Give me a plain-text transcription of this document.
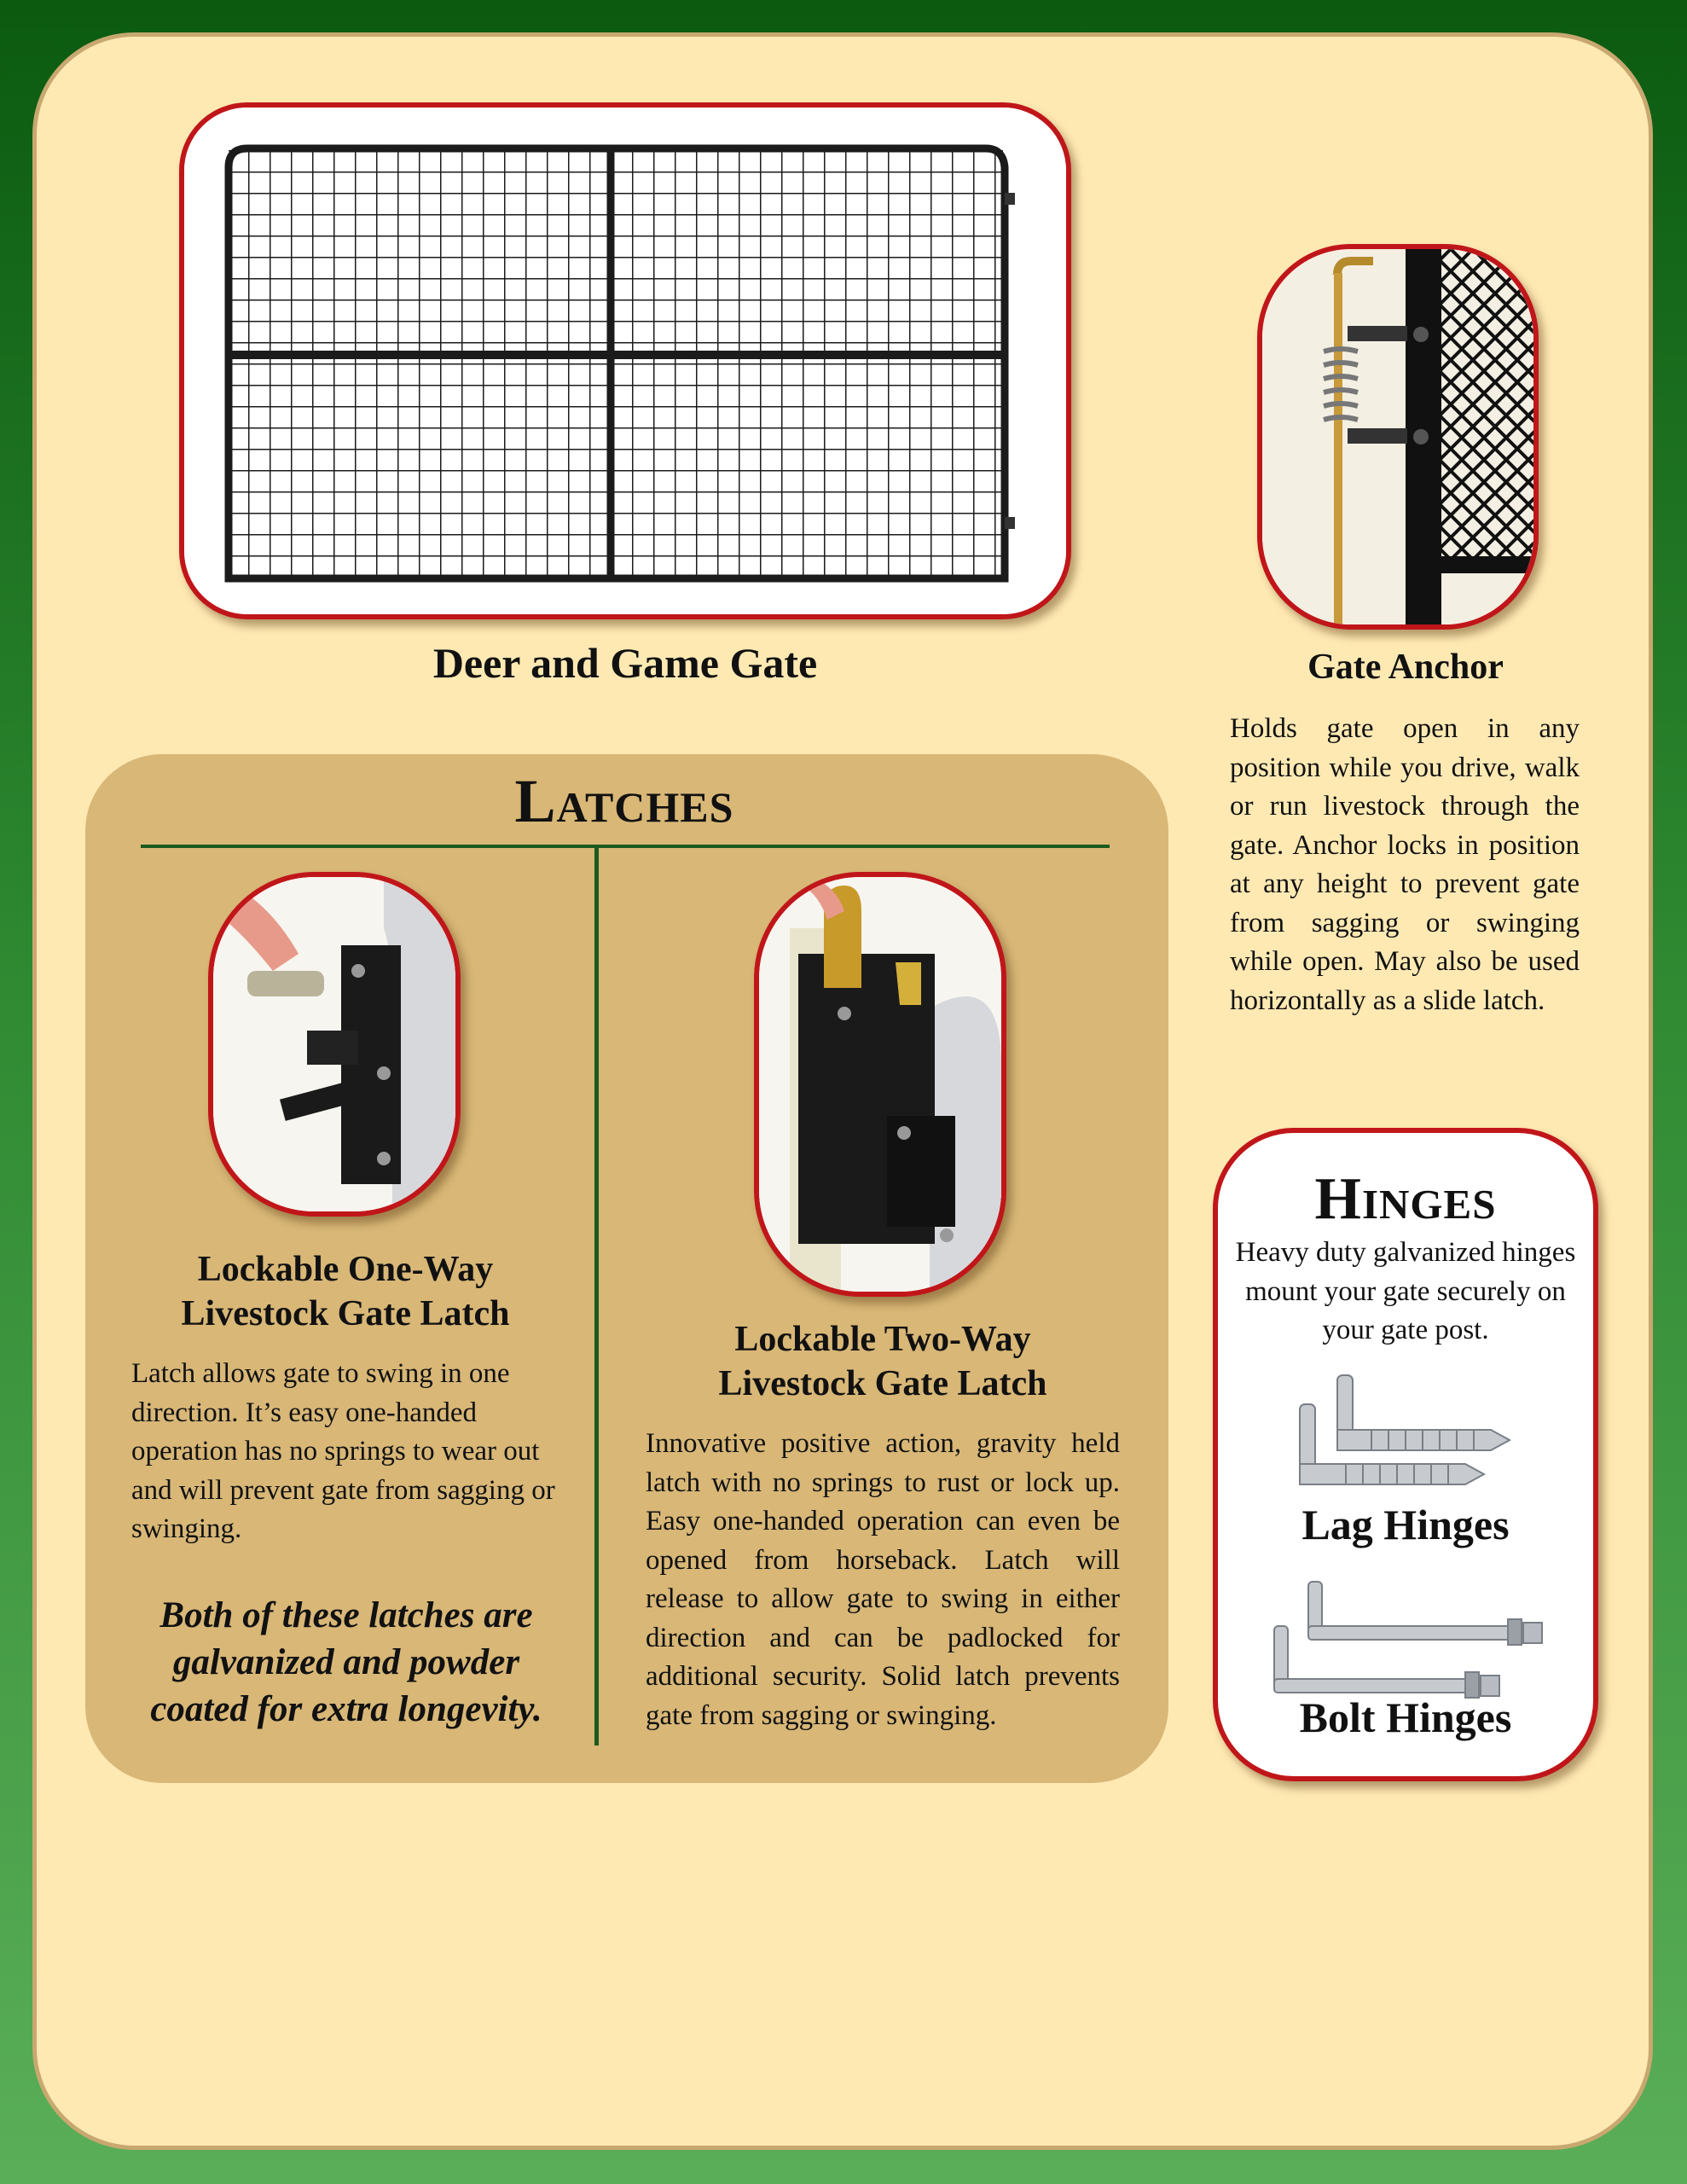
Deer and Game Gate	Gate Anchor

Holds gate open in any position while you drive, walk or run livestock through the gate. Anchor locks in position at any height to prevent gate from sagging or swinging while open. May also be used horizontally as a slide latch.

Latches

Lockable One-Way
Livestock Gate Latch

Latch allows gate to swing in one direction. It’s easy one-handed operation has no springs to wear out and will prevent gate from sagging or swinging.

Both of these latches are galvanized and powder coated for extra longevity.

Lockable Two-Way
Livestock Gate Latch

Innovative positive action, gravity held latch with no springs to rust or lock up. Easy one-handed operation can even be opened from horseback. Latch will release to allow gate to swing in either direction and can be padlocked for additional security. Solid latch prevents gate from sagging or swinging.

Hinges

Heavy duty galvanized hinges mount your gate securely on your gate post.

Lag Hinges

Bolt Hinges
